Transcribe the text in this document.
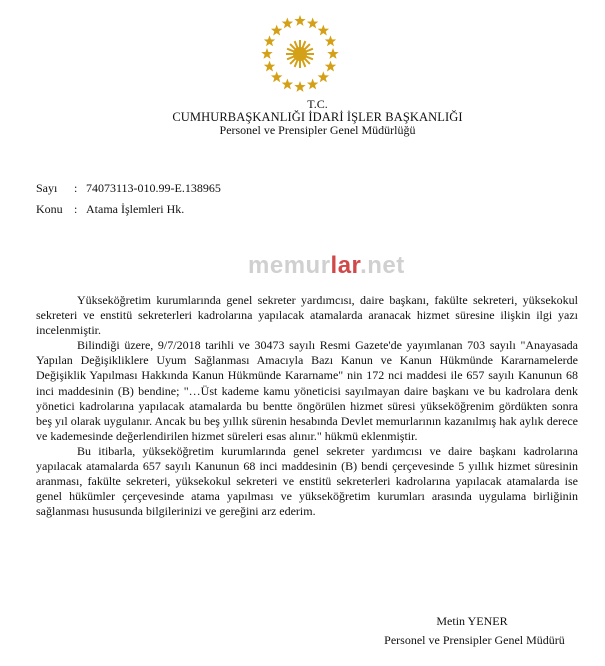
T.C.
CUMHURBAŞKANLIĞI İDARİ İŞLER BAŞKANLIĞI
Personel ve Prensipler Genel Müdürlüğü
Sayı : 74073113-010.99-E.138965
Konu : Atama İşlemleri Hk.
memurlar.net

Yükseköğretim kurumlarında genel sekreter yardımcısı, daire başkanı, fakülte sekreteri, yüksekokul sekreteri ve enstitü sekreterleri kadrolarına yapılacak atamalarda aranacak hizmet süresine ilişkin ilgi yazı incelenmiştir.

Bilindiği üzere, 9/7/2018 tarihli ve 30473 sayılı Resmi Gazete'de yayımlanan 703 sayılı "Anayasada Yapılan Değişikliklere Uyum Sağlanması Amacıyla Bazı Kanun ve Kanun Hükmünde Kararnamelerde Değişiklik Yapılması Hakkında Kanun Hükmünde Kararname" nin 172 nci maddesi ile 657 sayılı Kanunun 68 inci maddesinin (B) bendine; "…Üst kademe kamu yöneticisi sayılmayan daire başkanı ve bu kadrolara denk yönetici kadrolarına yapılacak atamalarda bu bentte öngörülen hizmet süresi yükseköğrenim gördükten sonra beş yıl olarak uygulanır. Ancak bu beş yıllık sürenin hesabında Devlet memurlarının kazanılmış hak aylık derece ve kademesinde değerlendirilen hizmet süreleri esas alınır." hükmü eklenmiştir.

Bu itibarla, yükseköğretim kurumlarında genel sekreter yardımcısı ve daire başkanı kadrolarına yapılacak atamalarda 657 sayılı Kanunun 68 inci maddesinin (B) bendi çerçevesinde 5 yıllık hizmet süresinin aranması, fakülte sekreteri, yüksekokul sekreteri ve enstitü sekreterleri kadrolarına yapılacak atamalarda ise genel hükümler çerçevesinde atama yapılması ve yükseköğretim kurumları arasında uygulama birliğinin sağlanması hususunda bilgilerinizi ve gereğini arz ederim.

Metin YENER
Personel ve Prensipler Genel Müdürü
